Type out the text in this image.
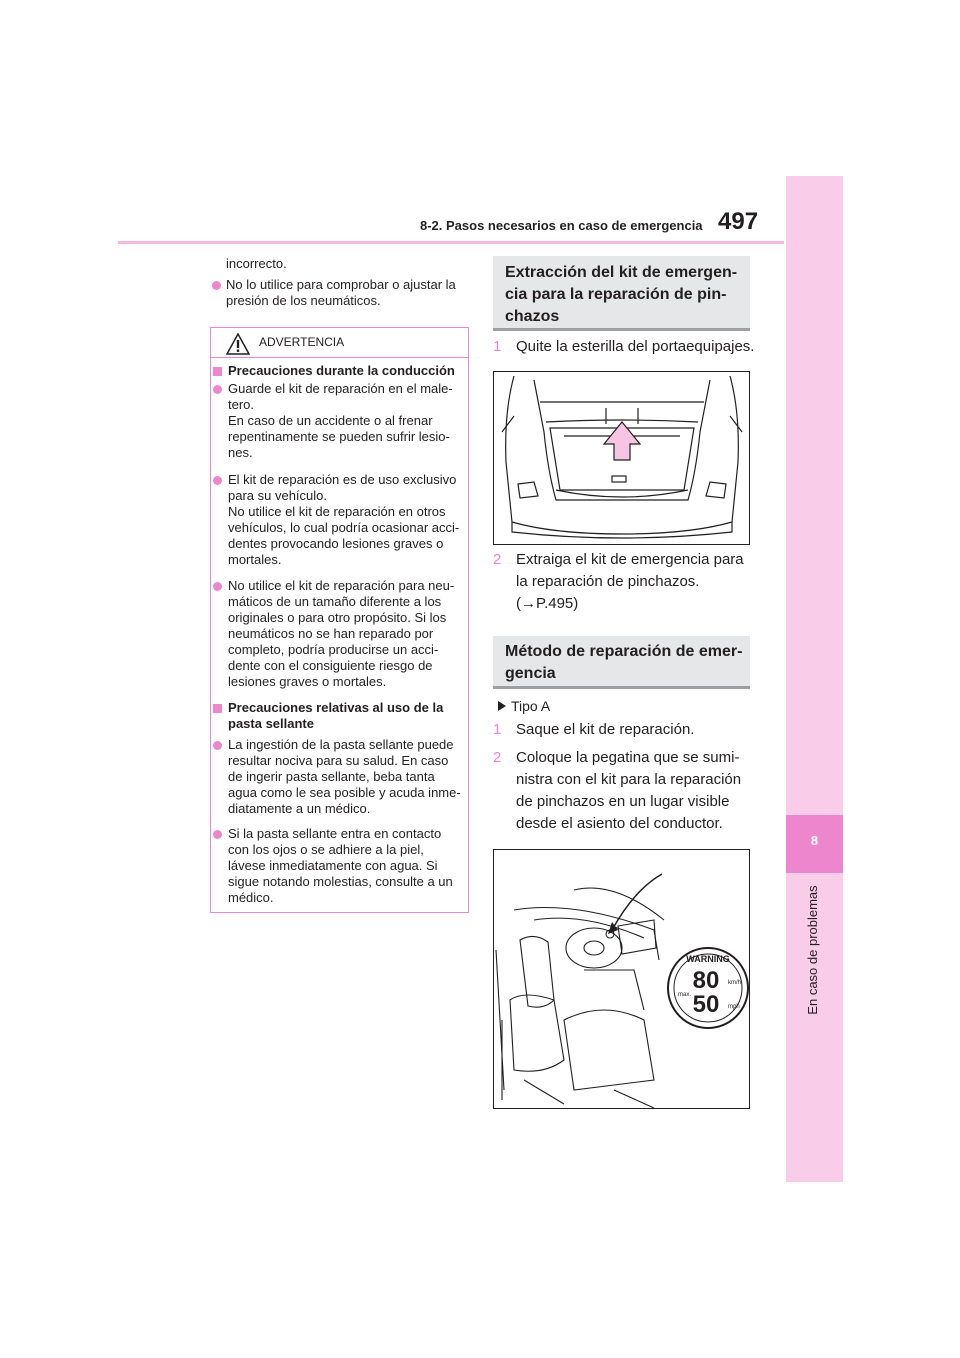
8-2. Pasos necesarios en caso de emergencia 497
8
En caso de problemas
incorrecto.
No lo utilice para comprobar o ajustar la
presión de los neumáticos.
ADVERTENCIA
Precauciones durante la conducción
Guarde el kit de reparación en el male-
tero.
En caso de un accidente o al frenar
repentinamente se pueden sufrir lesio-
nes.
El kit de reparación es de uso exclusivo
para su vehículo.
No utilice el kit de reparación en otros
vehículos, lo cual podría ocasionar acci-
dentes provocando lesiones graves o
mortales.
No utilice el kit de reparación para neu-
máticos de un tamaño diferente a los
originales o para otro propósito. Si los
neumáticos no se han reparado por
completo, podría producirse un acci-
dente con el consiguiente riesgo de
lesiones graves o mortales.
Precauciones relativas al uso de la
pasta sellante
La ingestión de la pasta sellante puede
resultar nociva para su salud. En caso
de ingerir pasta sellante, beba tanta
agua como le sea posible y acuda inme-
diatamente a un médico.
Si la pasta sellante entra en contacto
con los ojos o se adhiere a la piel,
lávese inmediatamente con agua. Si
sigue notando molestias, consulte a un
médico.
Extracción del kit de emergen-
cia para la reparación de pin-
chazos
1 Quite la esterilla del portaequipajes.
2 Extraiga el kit de emergencia para
la reparación de pinchazos.
(→P.495)
Método de reparación de emer-
gencia
Tipo A
1 Saque el kit de reparación.
2 Coloque la pegatina que se sumi-
nistra con el kit para la reparación
de pinchazos en un lugar visible
desde el asiento del conductor.
WARNING
80
50
km/h
mph
max.
